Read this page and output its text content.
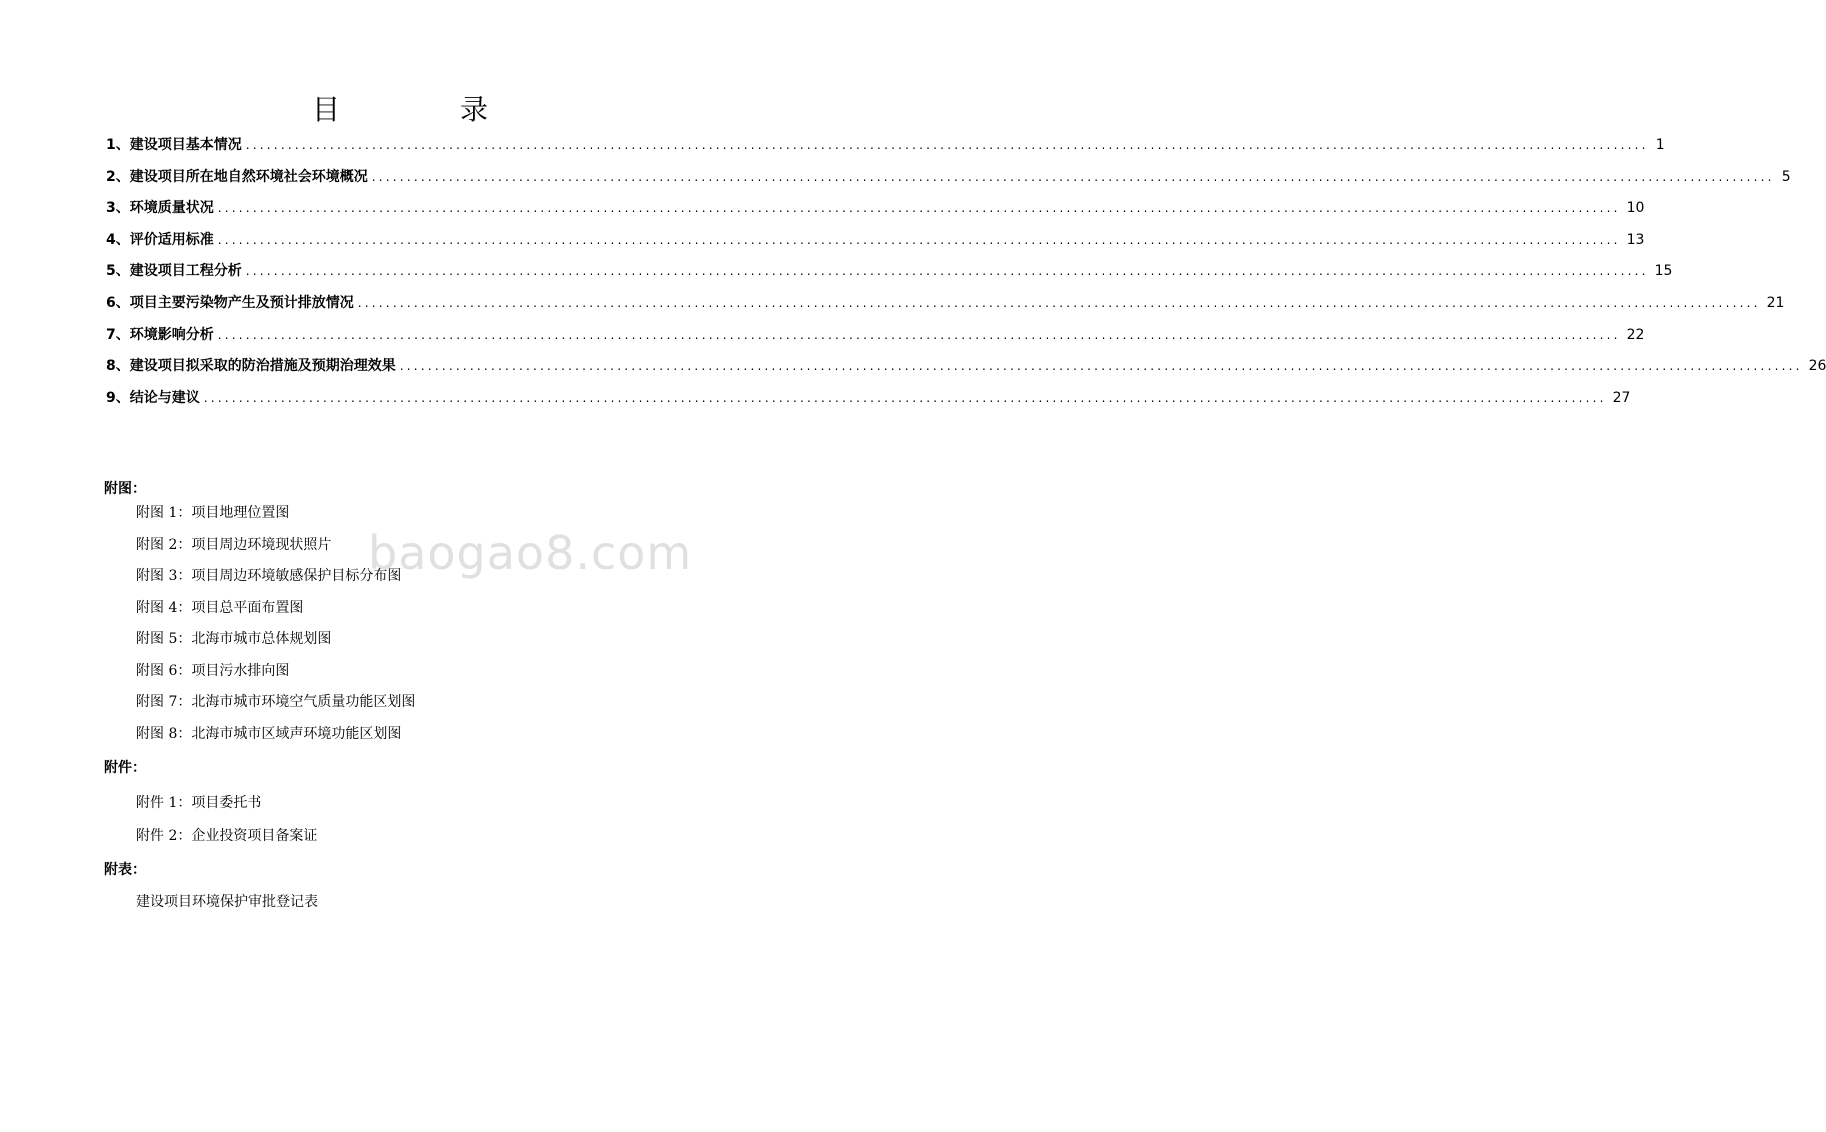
目　录
1、建设项目基本情况 ........................................................................................................................................................................................................ 1
2、建设项目所在地自然环境社会环境概况 ........................................................................................................................................................................................................ 5
3、环境质量状况 ........................................................................................................................................................................................................ 10
4、评价适用标准 ........................................................................................................................................................................................................ 13
5、建设项目工程分析 ........................................................................................................................................................................................................ 15
6、项目主要污染物产生及预计排放情况 ........................................................................................................................................................................................................ 21
7、环境影响分析 ........................................................................................................................................................................................................ 22
8、建设项目拟采取的防治措施及预期治理效果 ........................................................................................................................................................................................................ 26
9、结论与建议 ........................................................................................................................................................................................................ 27
baogao8.com
附图：
附图 1：项目地理位置图
附图 2：项目周边环境现状照片
附图 3：项目周边环境敏感保护目标分布图
附图 4：项目总平面布置图
附图 5：北海市城市总体规划图
附图 6：项目污水排向图
附图 7：北海市城市环境空气质量功能区划图
附图 8：北海市城市区域声环境功能区划图
附件：
附件 1：项目委托书
附件 2：企业投资项目备案证
附表：
建设项目环境保护审批登记表
